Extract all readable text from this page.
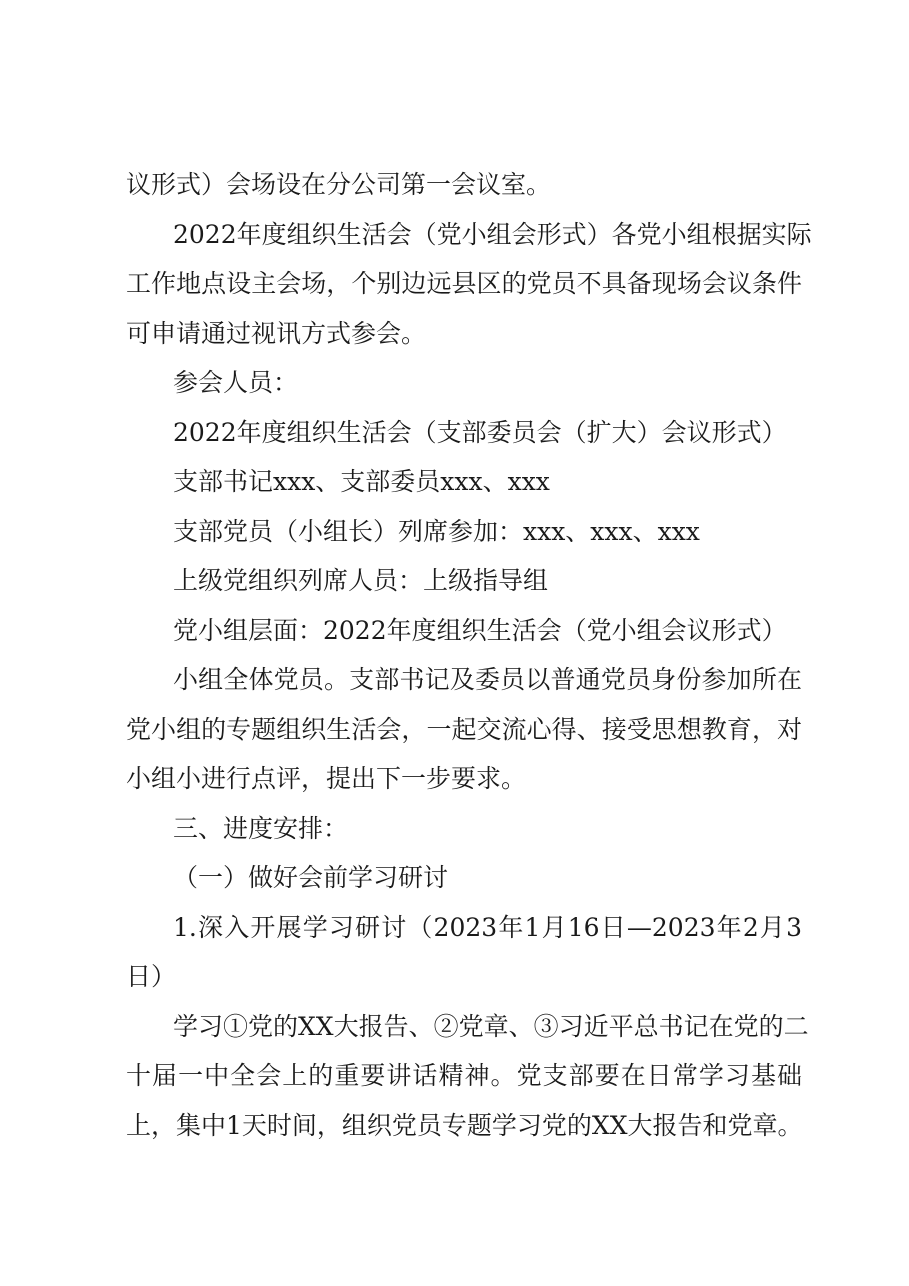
议形式）会场设在分公司第一会议室。

2022年度组织生活会（党小组会形式）各党小组根据实际

工作地点设主会场，个别边远县区的党员不具备现场会议条件

可申请通过视讯方式参会。

参会人员：

2022年度组织生活会（支部委员会（扩大）会议形式）

支部书记xxx、支部委员xxx、xxx

支部党员（小组长）列席参加：xxx、xxx、xxx

上级党组织列席人员：上级指导组

党小组层面：2022年度组织生活会（党小组会议形式）

小组全体党员。支部书记及委员以普通党员身份参加所在

党小组的专题组织生活会，一起交流心得、接受思想教育，对

小组小进行点评，提出下一步要求。

三、进度安排：

（一）做好会前学习研讨

1.深入开展学习研讨（2023年1月16日—2023年2月3

日）

学习①党的XX大报告、②党章、③习近平总书记在党的二

十届一中全会上的重要讲话精神。党支部要在日常学习基础

上，集中1天时间，组织党员专题学习党的XX大报告和党章。
